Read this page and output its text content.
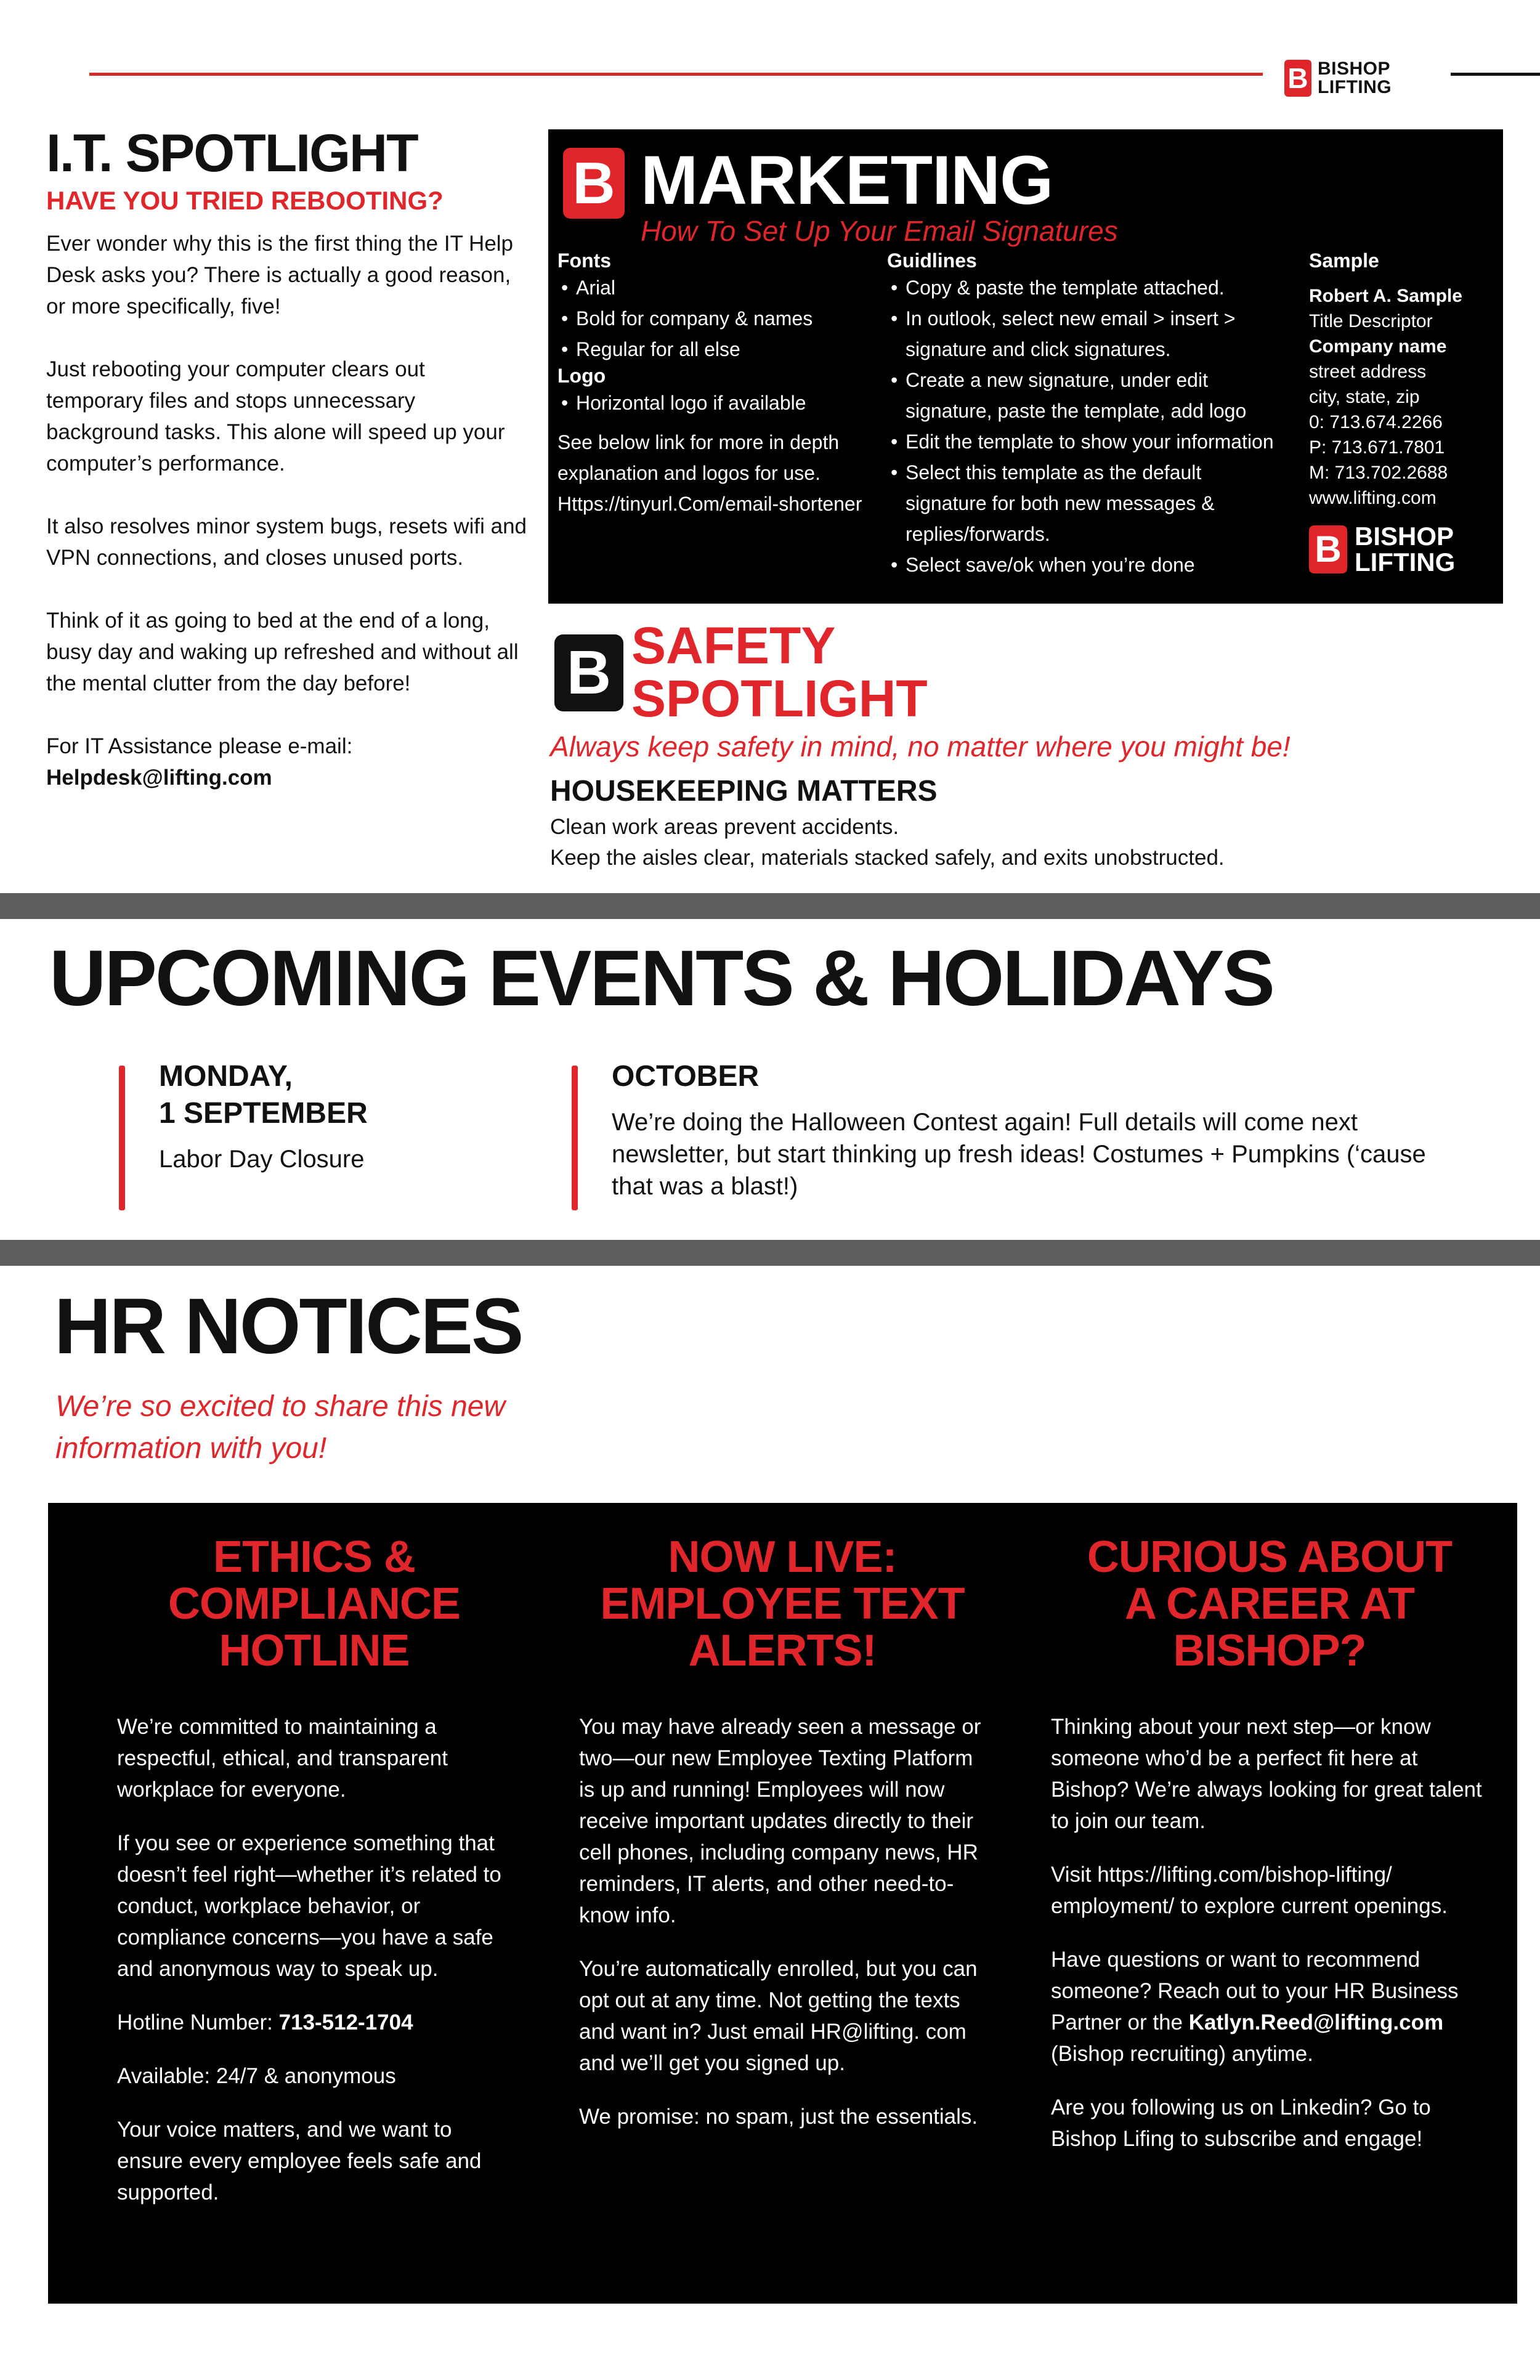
B BISHOP
LIFTING
I.T. SPOTLIGHT
HAVE YOU TRIED REBOOTING?

Ever wonder why this is the first thing the IT Help Desk asks you? There is actually a good reason, or more specifically, five!

Just rebooting your computer clears out temporary files and stops unnecessary background tasks. This alone will speed up your computer’s performance.

It also resolves minor system bugs, resets wifi and VPN connections, and closes unused ports.

Think of it as going to bed at the end of a long, busy day and waking up refreshed and without all the mental clutter from the day before!

For IT Assistance please e-mail:
Helpdesk@lifting.com

B MARKETING
How To Set Up Your Email Signatures
Fonts
• Arial
• Bold for company & names
• Regular for all else
Logo
• Horizontal logo if available
See below link for more in depth explanation and logos for use.
Https://tinyurl.Com/email-shortener
Guidlines
• Copy & paste the template attached.
• In outlook, select new email > insert > signature and click signatures.
• Create a new signature, under edit signature, paste the template, add logo
• Edit the template to show your information
• Select this template as the default signature for both new messages & replies/forwards.
• Select save/ok when you’re done
Sample
Robert A. Sample
Title Descriptor
Company name
street address
city, state, zip
0: 713.674.2266
P: 713.671.7801
M: 713.702.2688
www.lifting.com
B BISHOP
LIFTING
B SAFETY
SPOTLIGHT
Always keep safety in mind, no matter where you might be!
HOUSEKEEPING MATTERS
Clean work areas prevent accidents.
Keep the aisles clear, materials stacked safely, and exits unobstructed.
UPCOMING EVENTS & HOLIDAYS
MONDAY,
1 SEPTEMBER
Labor Day Closure
OCTOBER
We’re doing the Halloween Contest again! Full details will come next newsletter, but start thinking up fresh ideas! Costumes + Pumpkins (‘cause that was a blast!)
HR NOTICES
We’re so excited to share this new information with you!
ETHICS & COMPLIANCE HOTLINE

We’re committed to maintaining a respectful, ethical, and transparent workplace for everyone.

If you see or experience something that doesn’t feel right—whether it’s related to conduct, workplace behavior, or compliance concerns—you have a safe and anonymous way to speak up.

Hotline Number: 713-512-1704

Available: 24/7 & anonymous

Your voice matters, and we want to ensure every employee feels safe and supported.

NOW LIVE: EMPLOYEE TEXT ALERTS!

You may have already seen a message or two—our new Employee Texting Platform is up and running! Employees will now receive important updates directly to their cell phones, including company news, HR reminders, IT alerts, and other need-to-know info.

You’re automatically enrolled, but you can opt out at any time. Not getting the texts and want in? Just email HR@lifting. com and we’ll get you signed up.

We promise: no spam, just the essentials.

CURIOUS ABOUT A CAREER AT BISHOP?

Thinking about your next step—or know someone who’d be a perfect fit here at Bishop? We’re always looking for great talent to join our team.

Visit https://lifting.com/bishop-lifting/ employment/ to explore current openings.

Have questions or want to recommend someone? Reach out to your HR Business Partner or the Katlyn.Reed@lifting.com (Bishop recruiting) anytime.

Are you following us on Linkedin? Go to Bishop Lifing to subscribe and engage!
